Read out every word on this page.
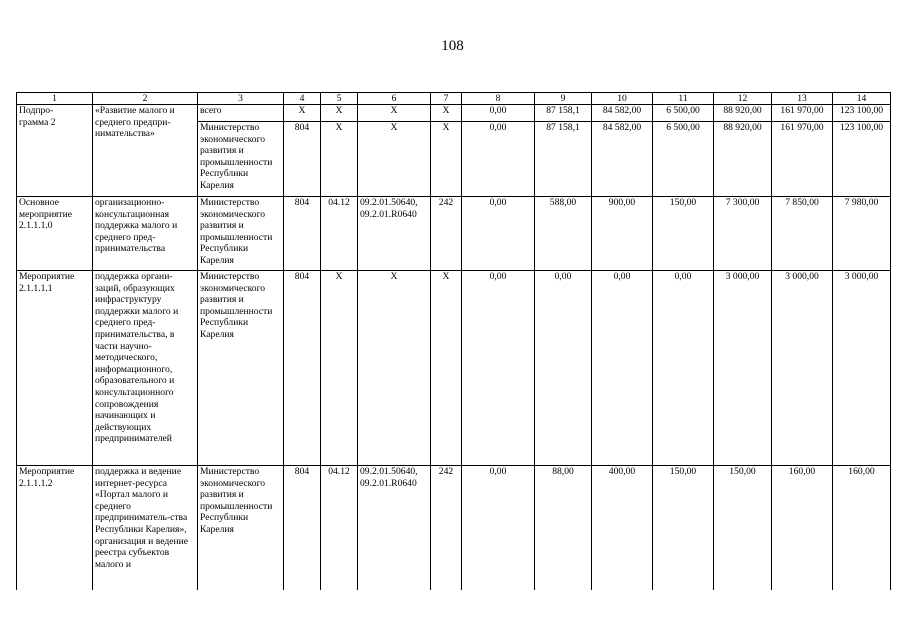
108
1	2	3	4	5	6	7	8	9	10	11	12	13	14
Подпро-
грамма 2	«Развитие малого и среднего предпри-нимательства»	всего	Х	Х	Х	Х	0,00	87 158,1	84 582,00	6 500,00	88 920,00	161 970,00	123 100,00
		Министерство экономического развития и промышленности Республики Карелия	804	Х	Х	Х	0,00	87 158,1	84 582,00	6 500,00	88 920,00	161 970,00	123 100,00
Основное мероприятие 2.1.1.1.0	организационно-консультационная поддержка малого и среднего пред-принимательства	Министерство экономического развития и промышленности Республики Карелия	804	04.12	09.2.01.50640, 09.2.01.R0640	242	0,00	588,00	900,00	150,00	7 300,00	7 850,00	7 980,00
Мероприятие 2.1.1.1.1	поддержка органи-заций, образующих инфраструктуру поддержки малого и среднего пред-принимательства, в части научно-методического, информационного, образовательного и консультационного сопровождения начинающих и действующих предпринимателей	Министерство экономического развития и промышленности Республики Карелия	804	Х	Х	Х	0,00	0,00	0,00	0,00	3 000,00	3 000,00	3 000,00
Мероприятие 2.1.1.1.2	поддержка и ведение интернет-ресурса «Портал малого и среднего предприниматель-ства Республики Карелия», организация и ведение реестра субъектов малого и	Министерство экономического развития и промышленности Республики Карелия	804	04.12	09.2.01.50640, 09.2.01.R0640	242	0,00	88,00	400,00	150,00	150,00	160,00	160,00
